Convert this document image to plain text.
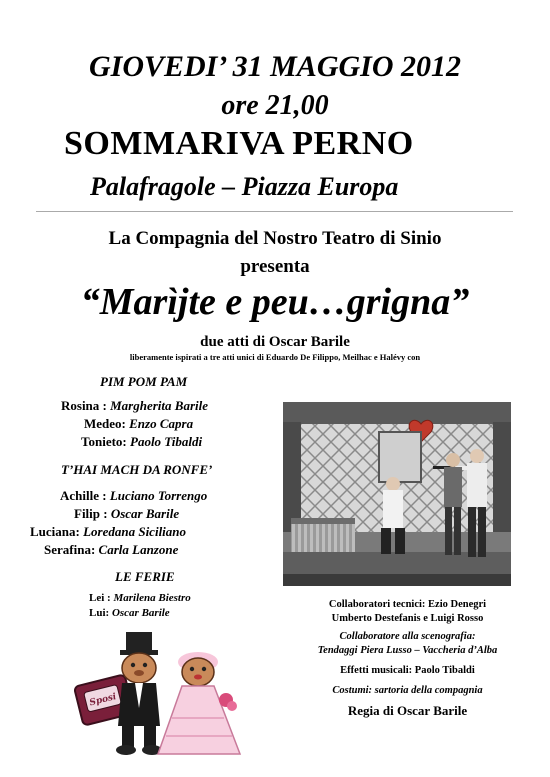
GIOVEDI’ 31 MAGGIO 2012
ore 21,00
SOMMARIVA PERNO
Palafragole – Piazza Europa
La Compagnia del Nostro Teatro di Sinio
presenta
“Marìjte e peu…grigna”
due atti di Oscar Barile
liberamente ispirati a tre atti unici di Eduardo De Filippo, Meilhac e Halévy con
PIM POM PAM
Rosina : Margherita Barile
Medeo: Enzo Capra
Tonieto: Paolo Tibaldi
T’HAI MACH DA RONFE’
Achille : Luciano Torrengo
Filip : Oscar Barile
Luciana: Loredana Siciliano
Serafina: Carla Lanzone
LE FERIE
Lei : Marilena Biestro
Lui: Oscar Barile
Collaboratori tecnici: Ezio Denegri
Umberto Destefanis e Luigi Rosso
Collaboratore alla scenografia:
Tendaggi Piera Lusso – Vaccheria d’Alba
Effetti musicali: Paolo Tibaldi
Costumi: sartoria della compagnia
Regia di Oscar Barile
Sposi
